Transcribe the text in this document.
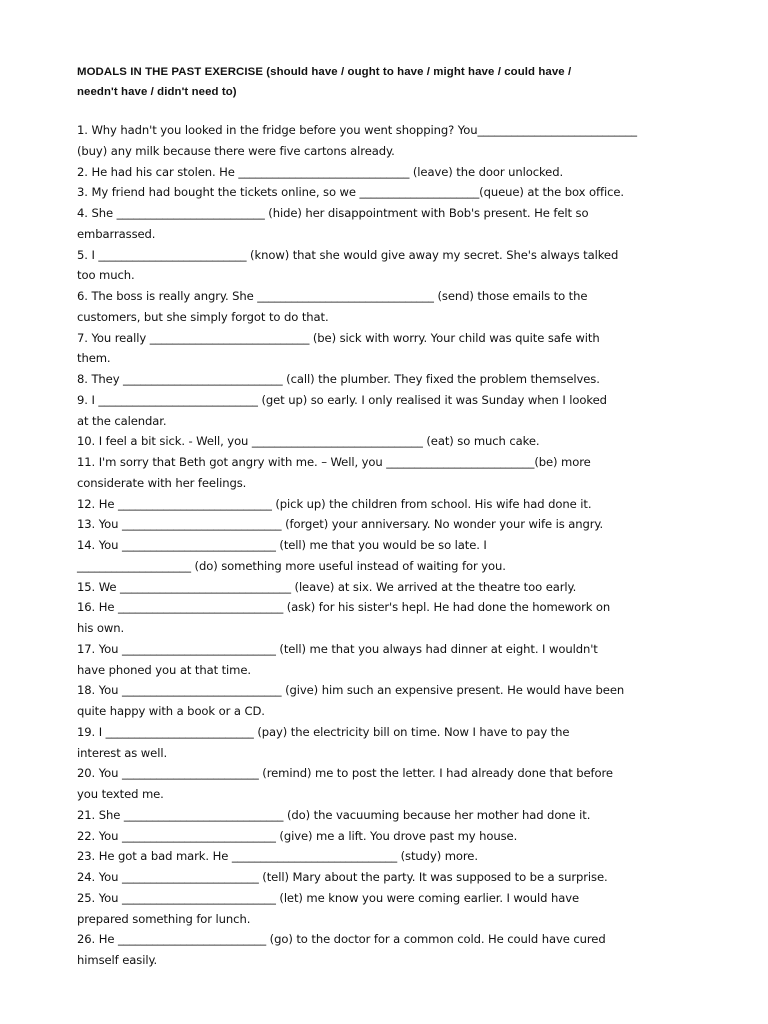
MODALS IN THE PAST EXERCISE (should have / ought to have / might have / could have /
needn't have / didn't need to)
1. Why hadn't you looked in the fridge before you went shopping? You____________________________
(buy) any milk because there were five cartons already.
2. He had his car stolen. He ______________________________ (leave) the door unlocked.
3. My friend had bought the tickets online, so we _____________________(queue) at the box office.
4. She __________________________ (hide) her disappointment with Bob's present. He felt so
embarrassed.
5. I __________________________ (know) that she would give away my secret. She's always talked
too much.
6. The boss is really angry. She _______________________________ (send) those emails to the
customers, but she simply forgot to do that.
7. You really ____________________________ (be) sick with worry. Your child was quite safe with
them.
8. They ____________________________ (call) the plumber. They fixed the problem themselves.
9. I ____________________________ (get up) so early. I only realised it was Sunday when I looked
at the calendar.
10. I feel a bit sick. - Well, you ______________________________ (eat) so much cake.
11. I'm sorry that Beth got angry with me. – Well, you __________________________(be) more
considerate with her feelings.
12. He ___________________________ (pick up) the children from school. His wife had done it.
13. You ____________________________ (forget) your anniversary. No wonder your wife is angry.
14. You ___________________________ (tell) me that you would be so late. I
____________________ (do) something more useful instead of waiting for you.
15. We ______________________________ (leave) at six. We arrived at the theatre too early.
16. He _____________________________ (ask) for his sister's hepl. He had done the homework on
his own.
17. You ___________________________ (tell) me that you always had dinner at eight. I wouldn't
have phoned you at that time.
18. You ____________________________ (give) him such an expensive present. He would have been
quite happy with a book or a CD.
19. I __________________________ (pay) the electricity bill on time. Now I have to pay the
interest as well.
20. You ________________________ (remind) me to post the letter. I had already done that before
you texted me.
21. She ____________________________ (do) the vacuuming because her mother had done it.
22. You ___________________________ (give) me a lift. You drove past my house.
23. He got a bad mark. He _____________________________ (study) more.
24. You ________________________ (tell) Mary about the party. It was supposed to be a surprise.
25. You ___________________________ (let) me know you were coming earlier. I would have
prepared something for lunch.
26. He __________________________ (go) to the doctor for a common cold. He could have cured
himself easily.
